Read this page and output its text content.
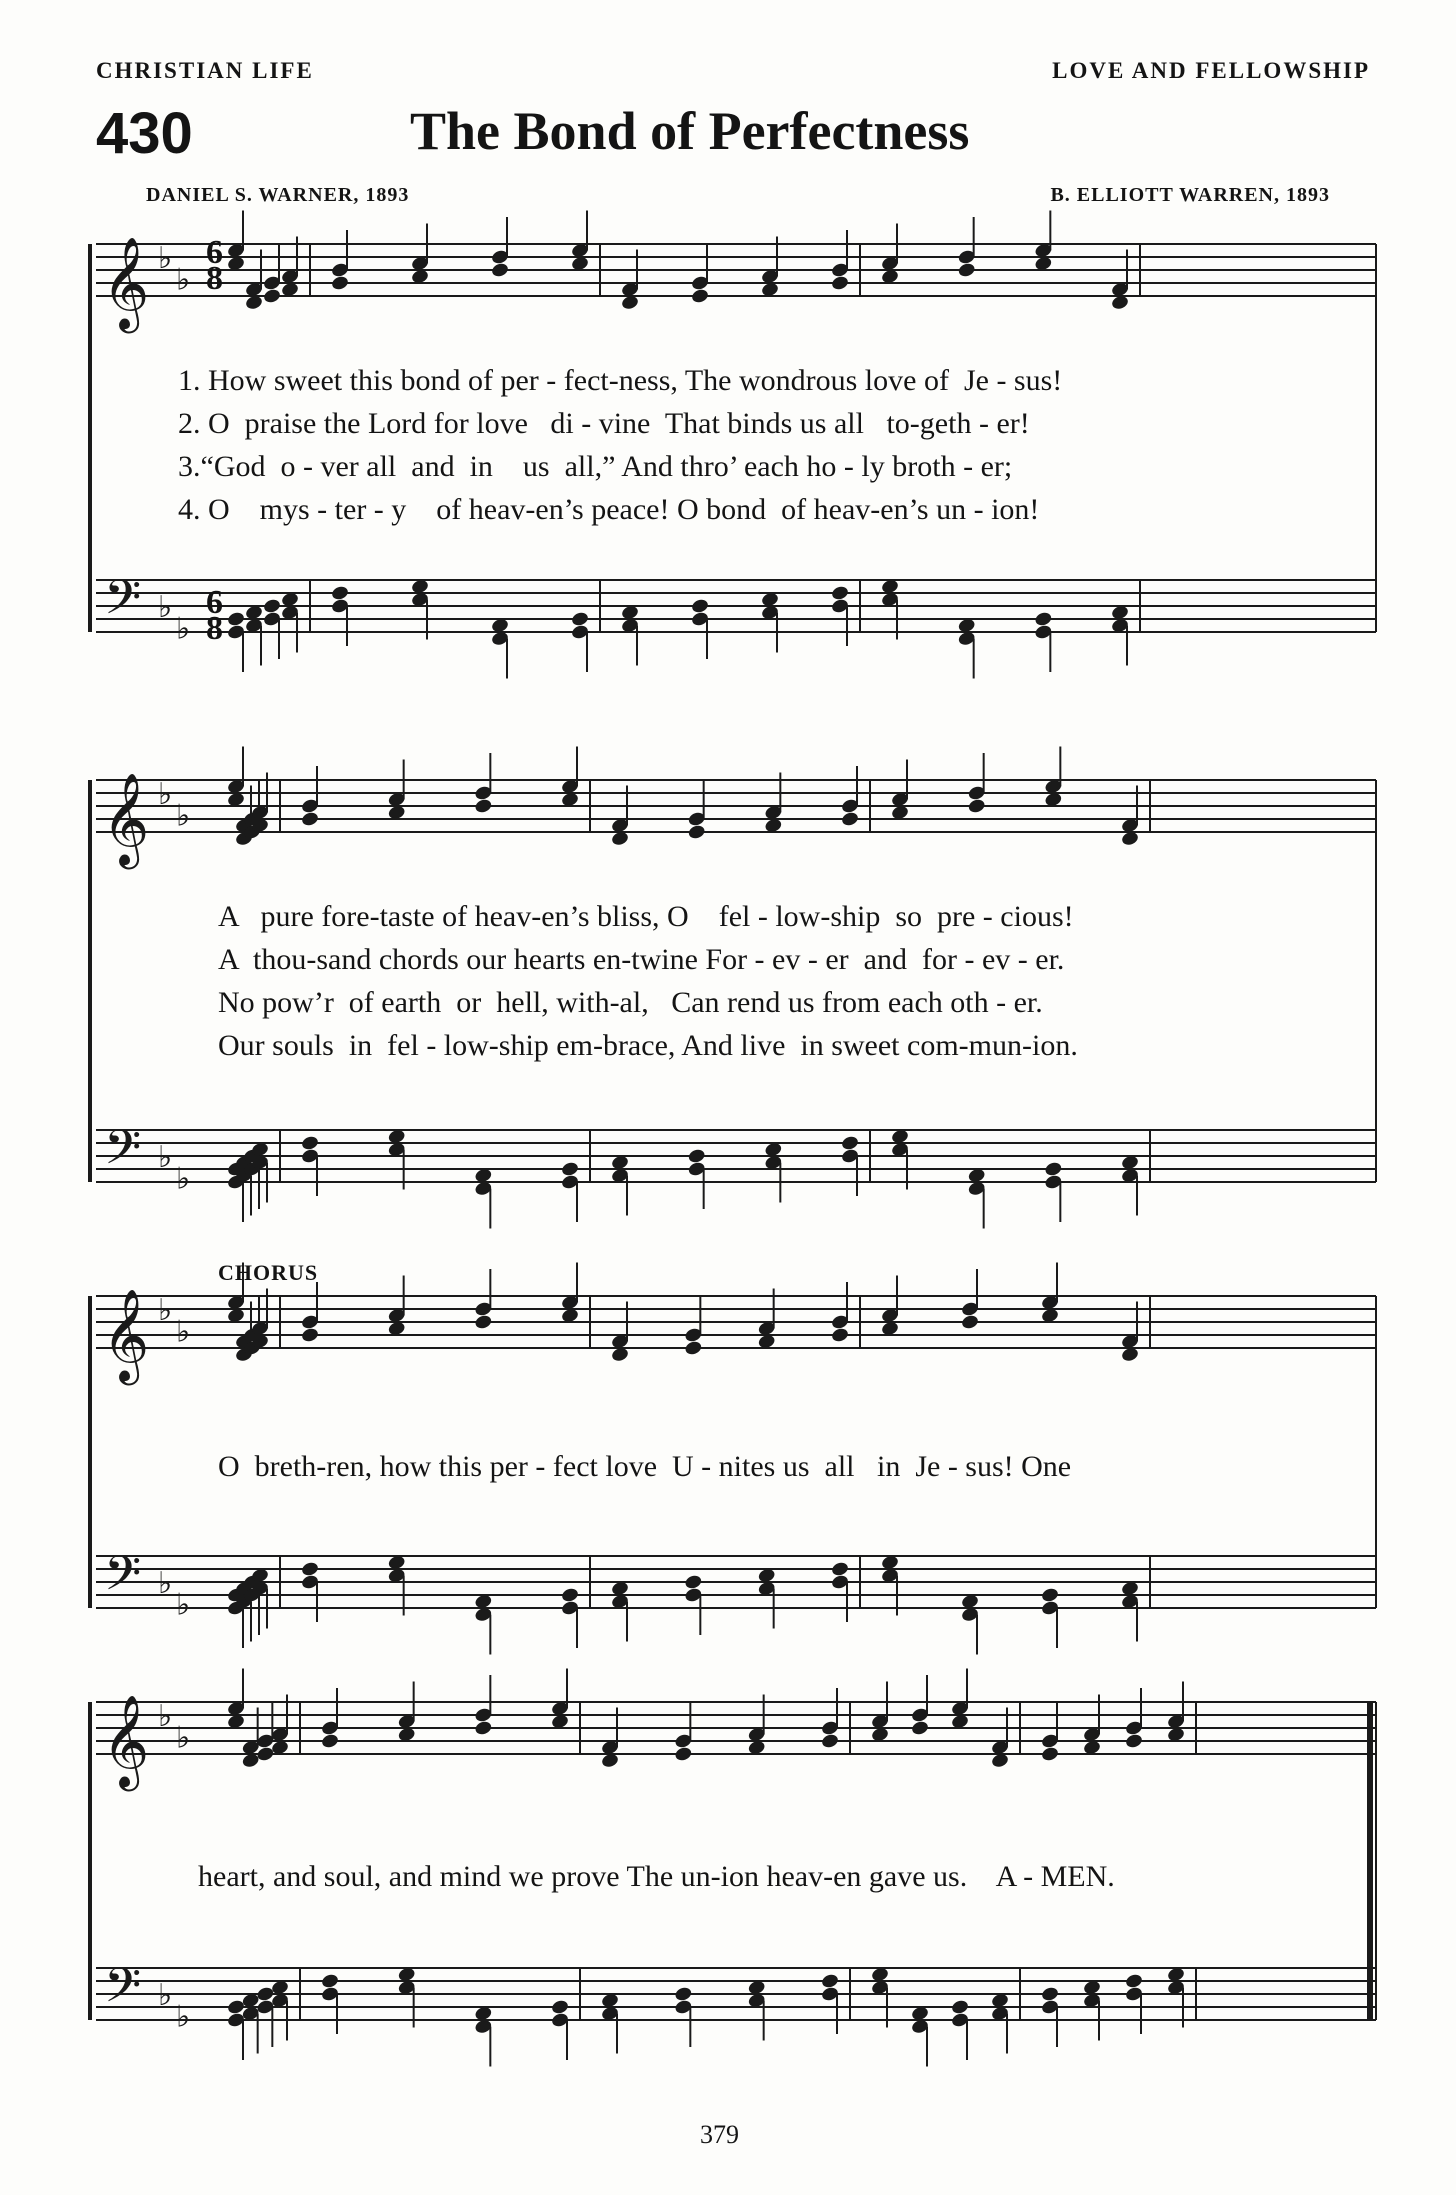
CHRISTIAN LIFE	LOVE AND FELLOWSHIP
430	The Bond of Perfectness
DANIEL S. WARNER, 1893	B. ELLIOTT WARREN, 1893
𝄞 ♭
♭
𝄢 ♭
♭
𝄞 ♭
♭
𝄢 ♭
♭
𝄞 ♭
♭
𝄢 ♭
♭
𝄞 ♭
♭
𝄢 ♭
♭
6
8
6
8
1. How sweet this bond of per - fect-ness, The wondrous love of  Je - sus!
2. O  praise the Lord for love   di - vine  That binds us all   to-geth - er!
3.“God  o - ver all  and  in    us  all,” And thro’ each ho - ly broth - er;
4. O    mys - ter - y    of heav-en’s peace! O bond  of heav-en’s un - ion!
A   pure fore-taste of heav-en’s bliss, O    fel - low-ship  so  pre - cious!
A  thou-sand chords our hearts en-twine For - ev - er  and  for - ev - er.
No pow’r  of earth  or  hell, with-al,   Can rend us from each oth - er.
Our souls  in  fel - low-ship em-brace, And live  in sweet com-mun-ion.
CHORUS
O  breth-ren, how this per - fect love  U - nites us  all   in  Je - sus! One
heart, and soul, and mind we prove The un-ion heav-en gave us.    A - MEN.
379
